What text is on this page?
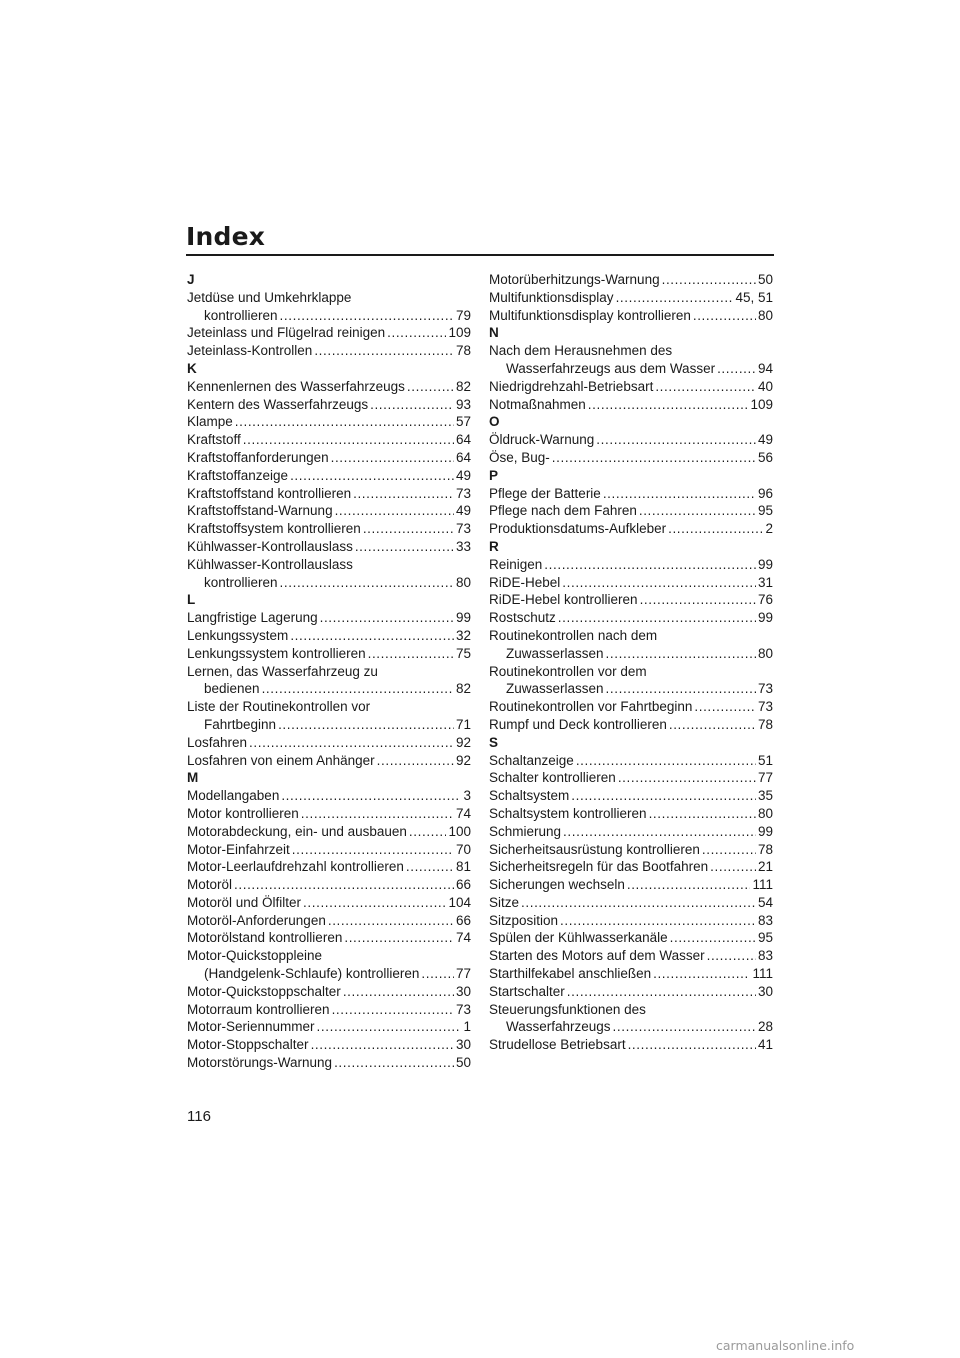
Index
J
Jetdüse und Umkehrklappe
kontrollieren .....	79
Jeteinlass und Flügelrad reinigen .....	109
Jeteinlass-Kontrollen .....	78
K
Kennenlernen des Wasserfahrzeugs .....	82
Kentern des Wasserfahrzeugs .....	93
Klampe .....	57
Kraftstoff .....	64
Kraftstoffanforderungen .....	64
Kraftstoffanzeige .....	49
Kraftstoffstand kontrollieren .....	73
Kraftstoffstand-Warnung .....	49
Kraftstoffsystem kontrollieren .....	73
Kühlwasser-Kontrollauslass .....	33
Kühlwasser-Kontrollauslass
kontrollieren .....	80
L
Langfristige Lagerung .....	99
Lenkungssystem .....	32
Lenkungssystem kontrollieren .....	75
Lernen, das Wasserfahrzeug zu
bedienen .....	82
Liste der Routinekontrollen vor
Fahrtbeginn .....	71
Losfahren .....	92
Losfahren von einem Anhänger .....	92
M
Modellangaben .....	3
Motor kontrollieren .....	74
Motorabdeckung, ein- und ausbauen .....	100
Motor-Einfahrzeit .....	70
Motor-Leerlaufdrehzahl kontrollieren .....	81
Motoröl .....	66
Motoröl und Ölfilter .....	104
Motoröl-Anforderungen .....	66
Motorölstand kontrollieren .....	74
Motor-Quickstoppleine
(Handgelenk-Schlaufe) kontrollieren .....	77
Motor-Quickstoppschalter .....	30
Motorraum kontrollieren .....	73
Motor-Seriennummer .....	1
Motor-Stoppschalter .....	30
Motorstörungs-Warnung .....	50
Motorüberhitzungs-Warnung .....	50
Multifunktionsdisplay .....	45, 51
Multifunktionsdisplay kontrollieren .....	80
N
Nach dem Herausnehmen des
Wasserfahrzeugs aus dem Wasser .....	94
Niedrigdrehzahl-Betriebsart .....	40
Notmaßnahmen .....	109
O
Öldruck-Warnung .....	49
Öse, Bug- .....	56
P
Pflege der Batterie .....	96
Pflege nach dem Fahren .....	95
Produktionsdatums-Aufkleber .....	2
R
Reinigen .....	99
RiDE-Hebel .....	31
RiDE-Hebel kontrollieren .....	76
Rostschutz .....	99
Routinekontrollen nach dem
Zuwasserlassen .....	80
Routinekontrollen vor dem
Zuwasserlassen .....	73
Routinekontrollen vor Fahrtbeginn .....	73
Rumpf und Deck kontrollieren .....	78
S
Schaltanzeige .....	51
Schalter kontrollieren .....	77
Schaltsystem .....	35
Schaltsystem kontrollieren .....	80
Schmierung .....	99
Sicherheitsausrüstung kontrollieren .....	78
Sicherheitsregeln für das Bootfahren .....	21
Sicherungen wechseln .....	111
Sitze .....	54
Sitzposition .....	83
Spülen der Kühlwasserkanäle .....	95
Starten des Motors auf dem Wasser .....	83
Starthilfekabel anschließen .....	111
Startschalter .....	30
Steuerungsfunktionen des
Wasserfahrzeugs .....	28
Strudellose Betriebsart .....	41
116
carmanualsonline.info
